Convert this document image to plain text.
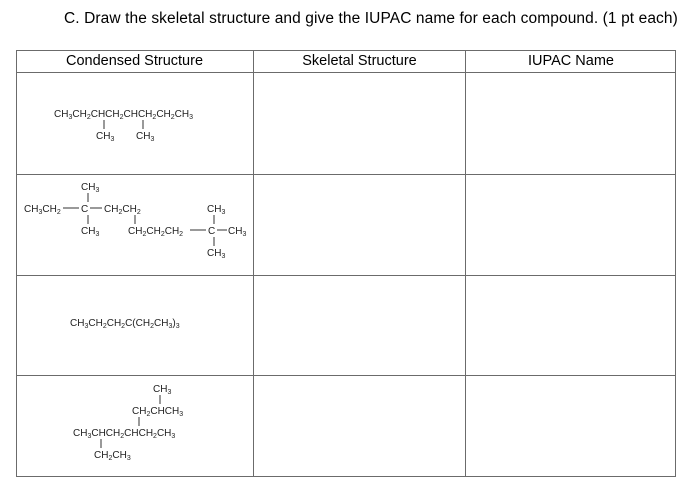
C. Draw the skeletal structure and give the IUPAC name for each compound. (1 pt each)
Condensed Structure	Skeletal Structure	IUPAC Name
$CH_3CH_2CHCH_2CHCH_2CH_2CH_3$
$CH_3$ $CH_3$
$CH_3$
$CH_3CH_2$ C $CH_2CH_2$
$CH_3$	$CH_2CH_2CH_2$
$CH_3$
C $CH_3$
$CH_3$
$CH_3CH_2CH_2C(CH_2CH_3)_3$
$CH_3$
$CH_2CHCH_3$
$CH_3CHCH_2CHCH_2CH_3$
$CH_2CH_3$
